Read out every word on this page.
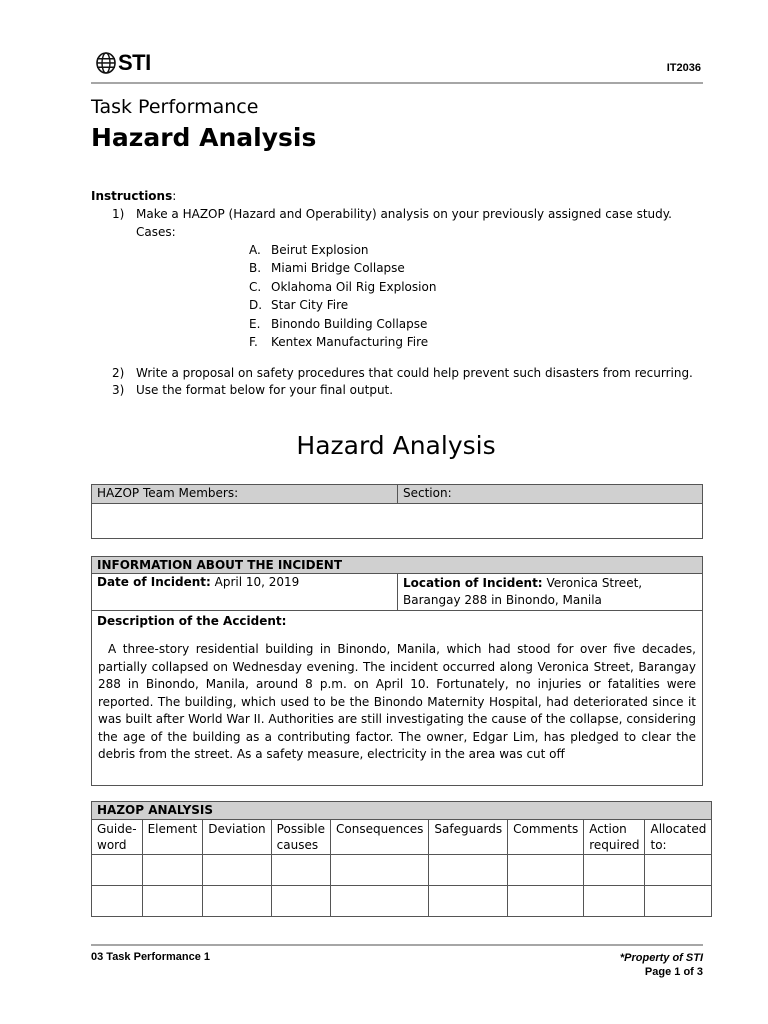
STI	IT2036
Task Performance
Hazard Analysis
Instructions:
1) Make a HAZOP (Hazard and Operability) analysis on your previously assigned case study.
Cases:
A. Beirut Explosion
B. Miami Bridge Collapse
C. Oklahoma Oil Rig Explosion
D. Star City Fire
E. Binondo Building Collapse
F. Kentex Manufacturing Fire
2) Write a proposal on safety procedures that could help prevent such disasters from recurring.
3) Use the format below for your final output.
Hazard Analysis
HAZOP Team Members:	Section:

INFORMATION ABOUT THE INCIDENT
Date of Incident: April 10, 2019	Location of Incident: Veronica Street, Barangay 288 in Binondo, Manila

Description of the Accident:
A three-story residential building in Binondo, Manila, which had stood for over five decades, partially collapsed on Wednesday evening. The incident occurred along Veronica Street, Barangay 288 in Binondo, Manila, around 8 p.m. on April 10. Fortunately, no injuries or fatalities were reported. The building, which used to be the Binondo Maternity Hospital, had deteriorated since it was built after World War II. Authorities are still investigating the cause of the collapse, considering the age of the building as a contributing factor. The owner, Edgar Lim, has pledged to clear the debris from the street. As a safety measure, electricity in the area was cut off
HAZOP ANALYSIS								
Guide-word	Element	Deviation	Possible causes	Consequences	Safeguards	Comments	Action required	Allocated to:

03 Task Performance 1	*Property of STI
Page 1 of 3
